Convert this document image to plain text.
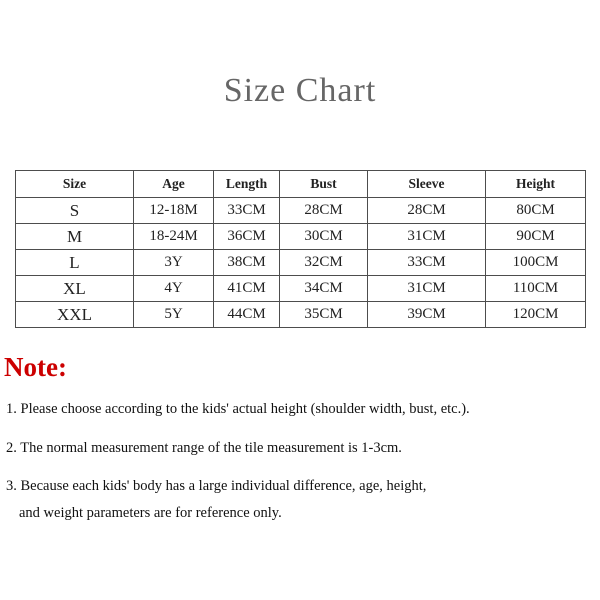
Size Chart
Size	Age	Length	Bust	Sleeve	Height
S	12-18M	33CM	28CM	28CM	80CM
M	18-24M	36CM	30CM	31CM	90CM
L	3Y	38CM	32CM	33CM	100CM
XL	4Y	41CM	34CM	31CM	110CM
XXL	5Y	44CM	35CM	39CM	120CM
Note:
1. Please choose according to the kids' actual height (shoulder width, bust, etc.).
2. The normal measurement range of the tile measurement is 1-3cm.
3. Because each kids' body has a large individual difference, age, height,
and weight parameters are for reference only.
